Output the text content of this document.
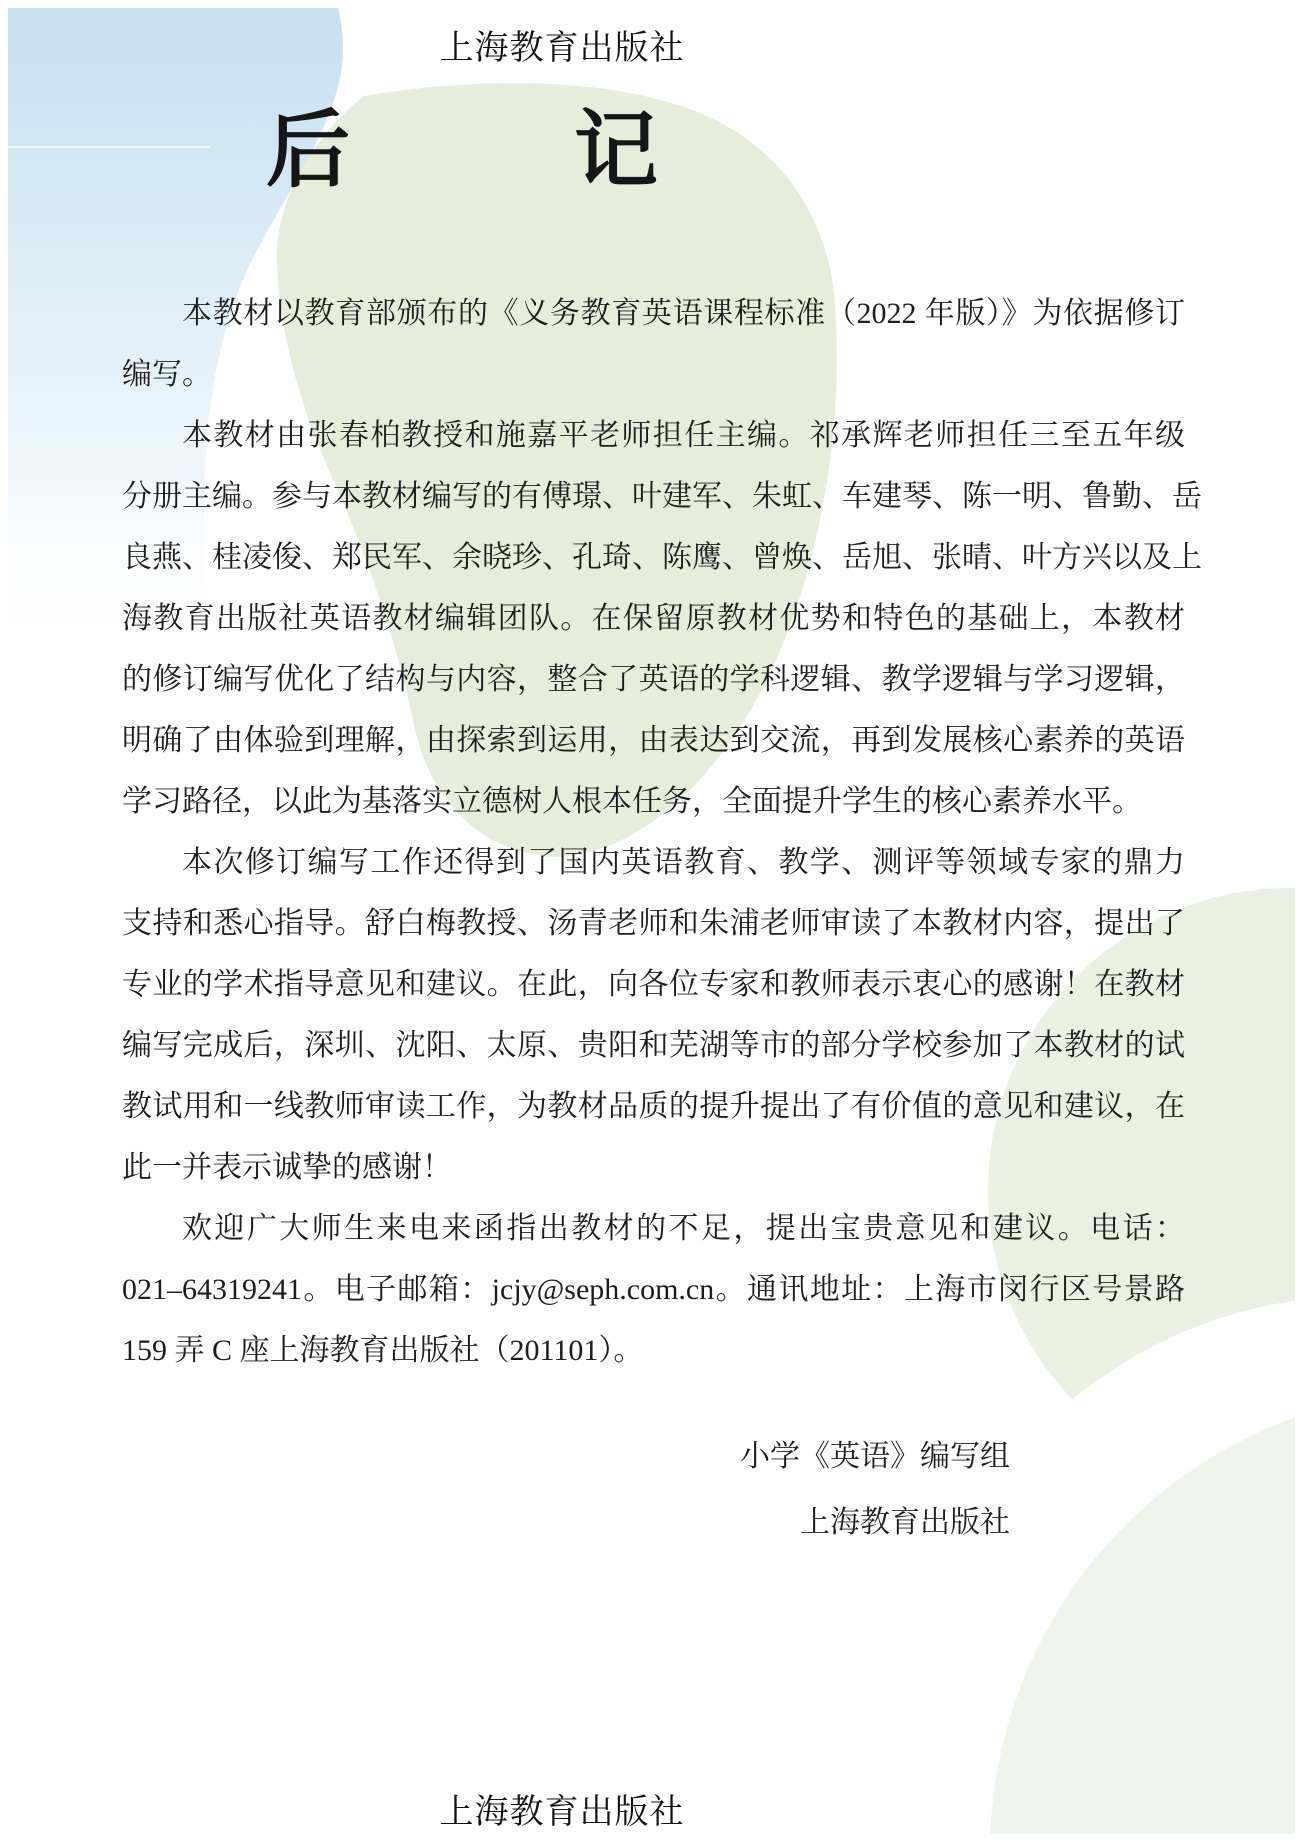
上海教育出版社
后	记
本教材以教育部颁布的《义务教育英语课程标准（2022 年版）》为依据修订
编写。
本教材由张春柏教授和施嘉平老师担任主编。祁承辉老师担任三至五年级
分册主编。参与本教材编写的有傅璟、叶建军、朱虹、车建琴、陈一明、鲁勤、岳
良燕、桂凌俊、郑民军、余晓珍、孔琦、陈鹰、曾焕、岳旭、张晴、叶方兴以及上
海教育出版社英语教材编辑团队。在保留原教材优势和特色的基础上，本教材
的修订编写优化了结构与内容，整合了英语的学科逻辑、教学逻辑与学习逻辑，
明确了由体验到理解，由探索到运用，由表达到交流，再到发展核心素养的英语
学习路径，以此为基落实立德树人根本任务，全面提升学生的核心素养水平。
本次修订编写工作还得到了国内英语教育、教学、测评等领域专家的鼎力
支持和悉心指导。舒白梅教授、汤青老师和朱浦老师审读了本教材内容，提出了
专业的学术指导意见和建议。在此，向各位专家和教师表示衷心的感谢！在教材
编写完成后，深圳、沈阳、太原、贵阳和芜湖等市的部分学校参加了本教材的试
教试用和一线教师审读工作，为教材品质的提升提出了有价值的意见和建议，在
此一并表示诚挚的感谢！
欢迎广大师生来电来函指出教材的不足，提出宝贵意见和建议。电话：
021–64319241。电子邮箱：jcjy@seph.com.cn。通讯地址：上海市闵行区号景路
159 弄 C 座上海教育出版社（201101）。
小学《英语》编写组
上海教育出版社
上海教育出版社
